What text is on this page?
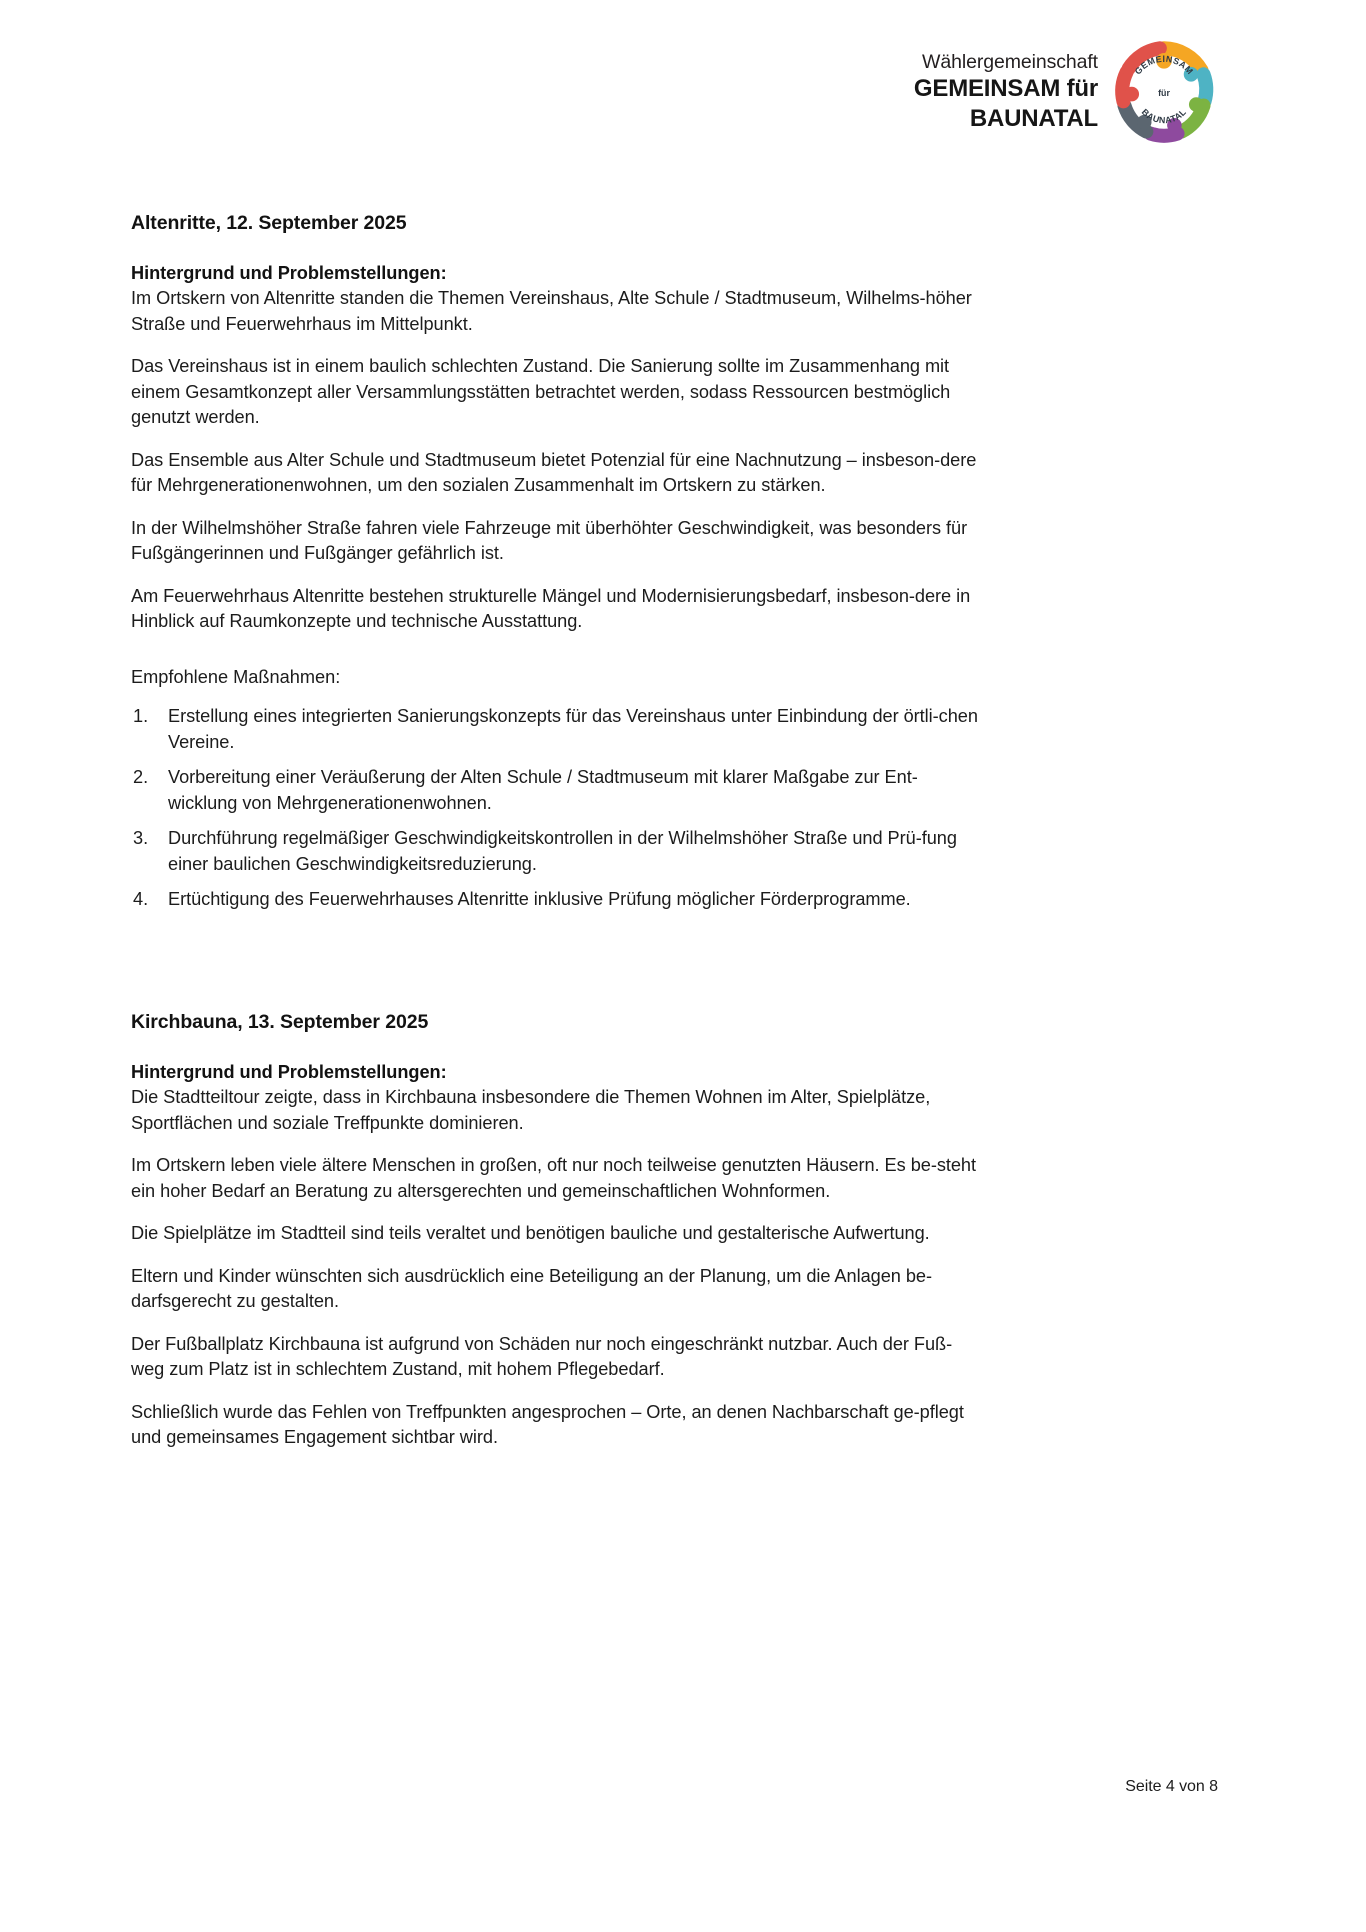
Wählergemeinschaft
GEMEINSAM für
BAUNATAL
GEMEINSAM
BAUNATAL
für
Altenritte, 12. September 2025
Hintergrund und Problemstellungen:

Im Ortskern von Altenritte standen die Themen Vereinshaus, Alte Schule / Stadtmuseum, Wilhelms-höher Straße und Feuerwehrhaus im Mittelpunkt.

Das Vereinshaus ist in einem baulich schlechten Zustand. Die Sanierung sollte im Zusammenhang mit einem Gesamtkonzept aller Versammlungsstätten betrachtet werden, sodass Ressourcen bestmöglich genutzt werden.

Das Ensemble aus Alter Schule und Stadtmuseum bietet Potenzial für eine Nachnutzung – insbeson-dere für Mehrgenerationenwohnen, um den sozialen Zusammenhalt im Ortskern zu stärken.

In der Wilhelmshöher Straße fahren viele Fahrzeuge mit überhöhter Geschwindigkeit, was besonders für Fußgängerinnen und Fußgänger gefährlich ist.

Am Feuerwehrhaus Altenritte bestehen strukturelle Mängel und Modernisierungsbedarf, insbeson-dere in Hinblick auf Raumkonzepte und technische Ausstattung.

Empfohlene Maßnahmen:
1.	Erstellung eines integrierten Sanierungskonzepts für das Vereinshaus unter Einbindung der örtli-chen Vereine.
2.	Vorbereitung einer Veräußerung der Alten Schule / Stadtmuseum mit klarer Maßgabe zur Ent-wicklung von Mehrgenerationenwohnen.
3.	Durchführung regelmäßiger Geschwindigkeitskontrollen in der Wilhelmshöher Straße und Prü-fung einer baulichen Geschwindigkeitsreduzierung.
4.	Ertüchtigung des Feuerwehrhauses Altenritte inklusive Prüfung möglicher Förderprogramme.
Kirchbauna, 13. September 2025
Hintergrund und Problemstellungen:

Die Stadtteiltour zeigte, dass in Kirchbauna insbesondere die Themen Wohnen im Alter, Spielplätze, Sportflächen und soziale Treffpunkte dominieren.

Im Ortskern leben viele ältere Menschen in großen, oft nur noch teilweise genutzten Häusern. Es be-steht ein hoher Bedarf an Beratung zu altersgerechten und gemeinschaftlichen Wohnformen.

Die Spielplätze im Stadtteil sind teils veraltet und benötigen bauliche und gestalterische Aufwertung.

Eltern und Kinder wünschten sich ausdrücklich eine Beteiligung an der Planung, um die Anlagen be-darfsgerecht zu gestalten.

Der Fußballplatz Kirchbauna ist aufgrund von Schäden nur noch eingeschränkt nutzbar. Auch der Fuß-weg zum Platz ist in schlechtem Zustand, mit hohem Pflegebedarf.

Schließlich wurde das Fehlen von Treffpunkten angesprochen – Orte, an denen Nachbarschaft ge-pflegt und gemeinsames Engagement sichtbar wird.

Seite 4 von 8
